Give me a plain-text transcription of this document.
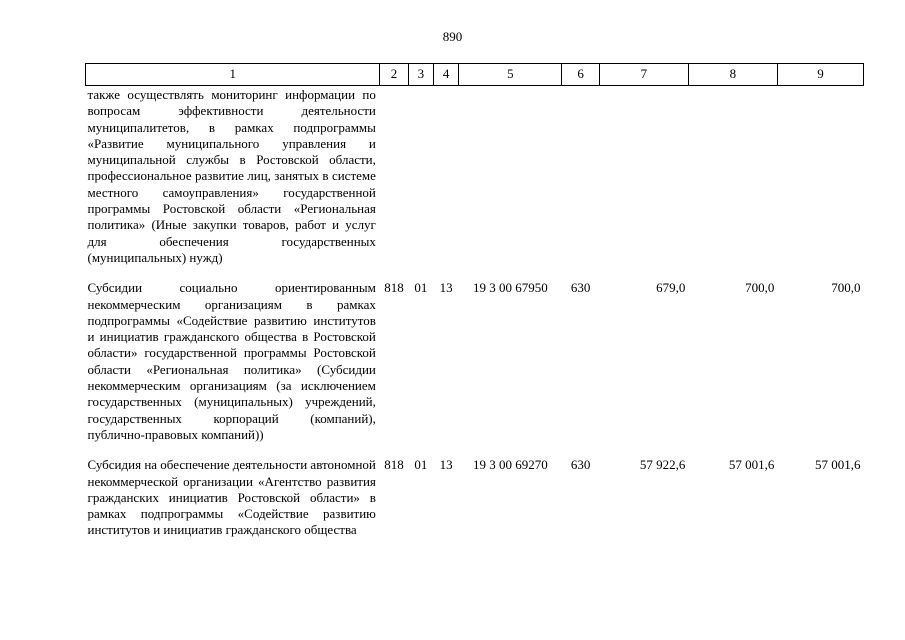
890
1	2	3	4	5	6	7	8	9
также осуществлять мониторинг информации по вопросам эффективности деятельности муниципалитетов, в рамках подпрограммы «Развитие муниципального управления и муниципальной службы в Ростовской области, профессиональное развитие лиц, занятых в системе местного самоуправления» государственной программы Ростовской области «Региональная политика» (Иные закупки товаров, работ и услуг для обеспечения государственных (муниципальных) нужд)								
Субсидии социально ориентированным некоммерческим организациям в рамках подпрограммы «Содействие развитию институтов и инициатив гражданского общества в Ростовской области» государственной программы Ростовской области «Региональная политика» (Субсидии некоммерческим организациям (за исключением государственных (муниципальных) учреждений, государственных корпораций (компаний), публично-правовых компаний))	818	01	13	19 3 00 67950	630	679,0	700,0	700,0
Субсидия на обеспечение деятельности автономной некоммерческой организации «Агентство развития гражданских инициатив Ростовской области» в рамках подпрограммы «Содействие развитию институтов и инициатив гражданского общества	818	01	13	19 3 00 69270	630	57 922,6	57 001,6	57 001,6
